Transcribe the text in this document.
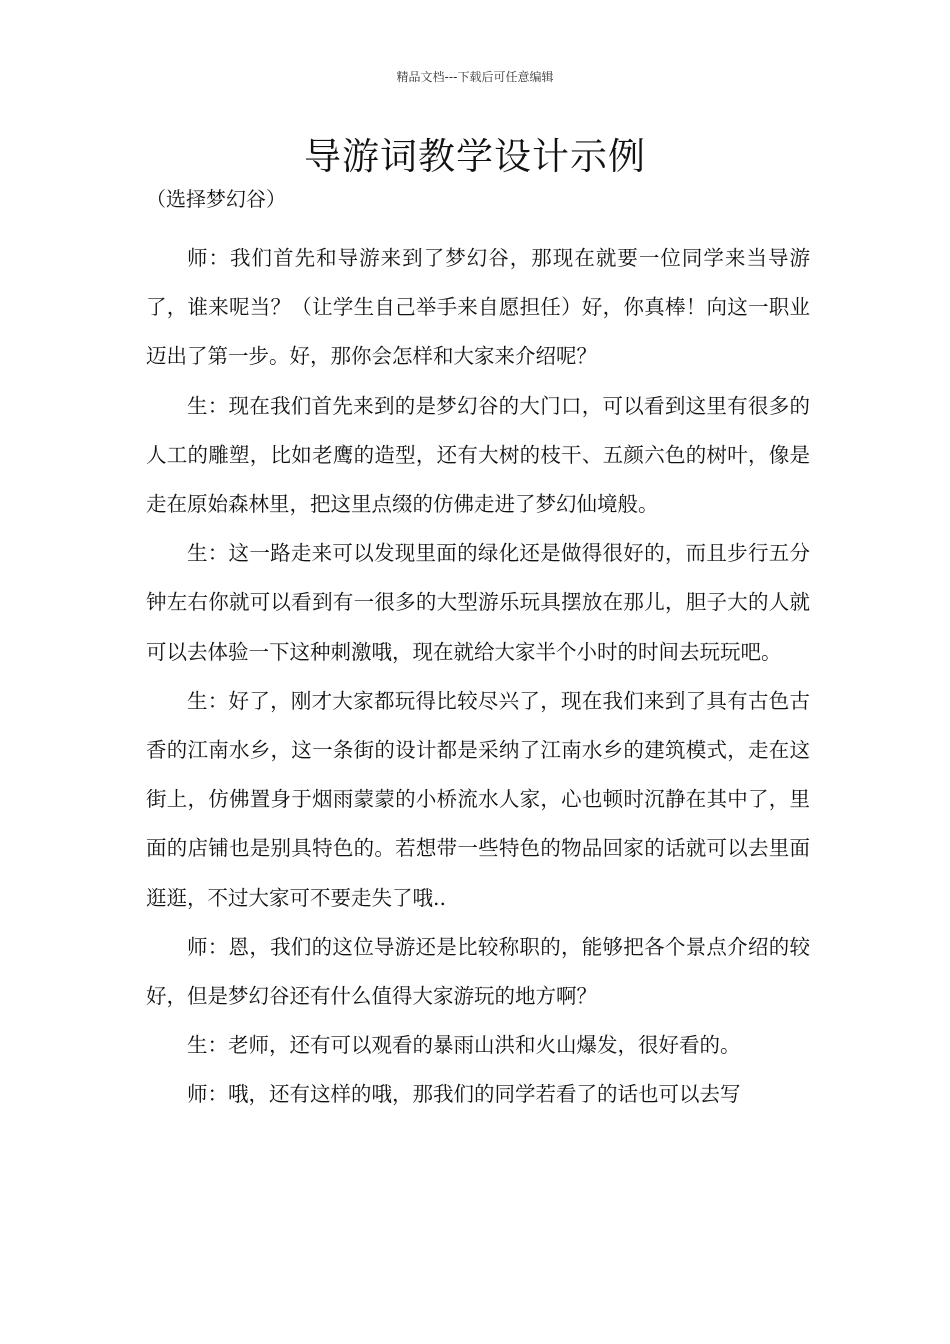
精品文档---下载后可任意编辑
导游词教学设计示例
（选择梦幻谷）

师：我们首先和导游来到了梦幻谷，那现在就要一位同学来当导游了，谁来呢当？（让学生自己举手来自愿担任）好，你真棒！向这一职业迈出了第一步。好，那你会怎样和大家来介绍呢？

生：现在我们首先来到的是梦幻谷的大门口，可以看到这里有很多的人工的雕塑，比如老鹰的造型，还有大树的枝干、五颜六色的树叶，像是走在原始森林里，把这里点缀的仿佛走进了梦幻仙境般。

生：这一路走来可以发现里面的绿化还是做得很好的，而且步行五分钟左右你就可以看到有一很多的大型游乐玩具摆放在那儿，胆子大的人就可以去体验一下这种刺激哦，现在就给大家半个小时的时间去玩玩吧。

生：好了，刚才大家都玩得比较尽兴了，现在我们来到了具有古色古香的江南水乡，这一条街的设计都是采纳了江南水乡的建筑模式，走在这街上，仿佛置身于烟雨蒙蒙的小桥流水人家，心也顿时沉静在其中了，里面的店铺也是别具特色的。若想带一些特色的物品回家的话就可以去里面逛逛，不过大家可不要走失了哦..

师：恩，我们的这位导游还是比较称职的，能够把各个景点介绍的较好，但是梦幻谷还有什么值得大家游玩的地方啊？

生：老师，还有可以观看的暴雨山洪和火山爆发，很好看的。

师：哦，还有这样的哦，那我们的同学若看了的话也可以去写
